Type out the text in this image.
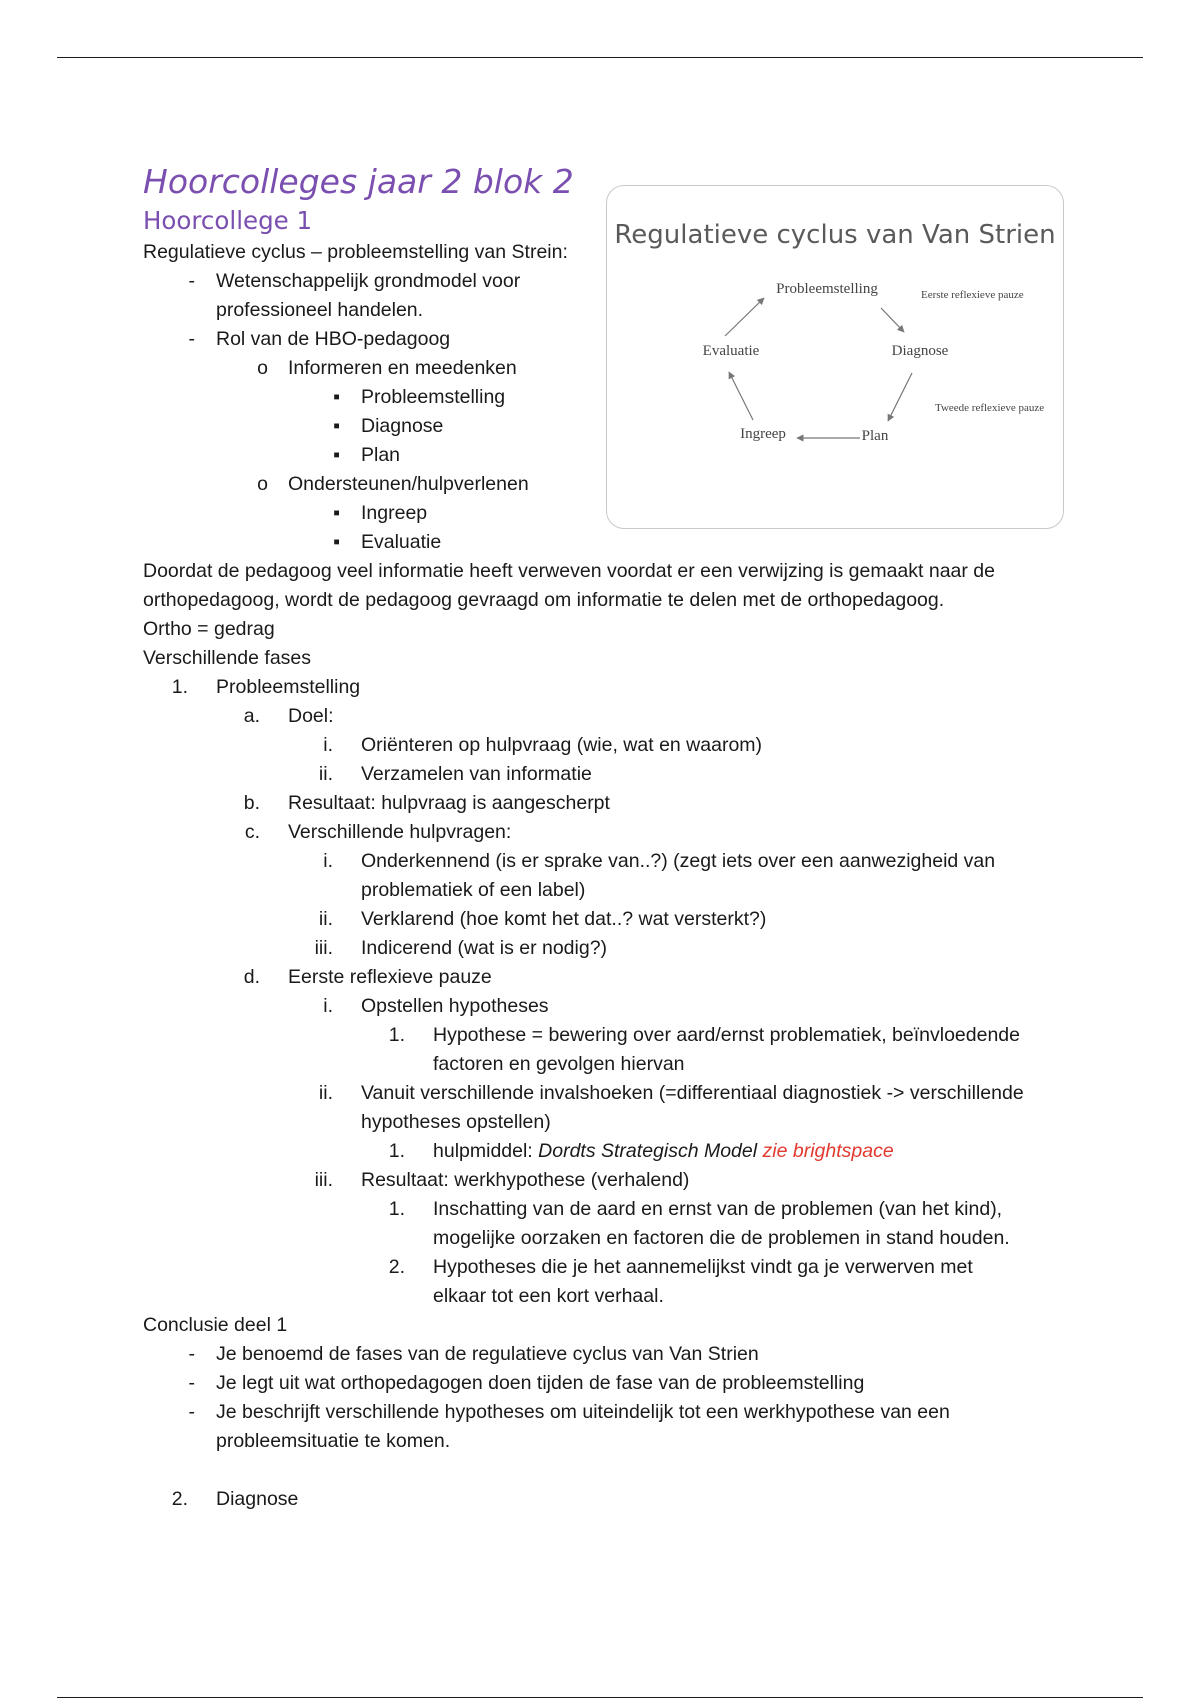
Hoorcolleges jaar 2 blok 2
Hoorcollege 1
Regulatieve cyclus – probleemstelling van Strein:
- Wetenschappelijk grondmodel voor
professioneel handelen.
- Rol van de HBO-pedagoog
o Informeren en meedenken
▪ Probleemstelling
▪ Diagnose
▪ Plan
o Ondersteunen/hulpverlenen
▪ Ingreep
▪ Evaluatie
Doordat de pedagoog veel informatie heeft verweven voordat er een verwijzing is gemaakt naar de
orthopedagoog, wordt de pedagoog gevraagd om informatie te delen met de orthopedagoog.
Ortho = gedrag
Verschillende fases
1. Probleemstelling
a. Doel:
i. Oriënteren op hulpvraag (wie, wat en waarom)
ii. Verzamelen van informatie
b. Resultaat: hulpvraag is aangescherpt
c. Verschillende hulpvragen:
i. Onderkennend (is er sprake van..?) (zegt iets over een aanwezigheid van
problematiek of een label)
ii. Verklarend (hoe komt het dat..? wat versterkt?)
iii. Indicerend (wat is er nodig?)
d. Eerste reflexieve pauze
i. Opstellen hypotheses
1. Hypothese = bewering over aard/ernst problematiek, beïnvloedende
factoren en gevolgen hiervan
ii. Vanuit verschillende invalshoeken (=differentiaal diagnostiek -> verschillende
hypotheses opstellen)
1. hulpmiddel: Dordts Strategisch Model zie brightspace
iii. Resultaat: werkhypothese (verhalend)
1. Inschatting van de aard en ernst van de problemen (van het kind),
mogelijke oorzaken en factoren die de problemen in stand houden.
2. Hypotheses die je het aannemelijkst vindt ga je verwerven met
elkaar tot een kort verhaal.
Conclusie deel 1
- Je benoemd de fases van de regulatieve cyclus van Van Strien
- Je legt uit wat orthopedagogen doen tijden de fase van de probleemstelling
- Je beschrijft verschillende hypotheses om uiteindelijk tot een werkhypothese van een
probleemsituatie te komen.
2. Diagnose
Regulatieve cyclus van Van Strien
Probleemstelling	Eerste reflexieve pauze
Diagnose
Tweede reflexieve pauze
Plan
Ingreep
Evaluatie
